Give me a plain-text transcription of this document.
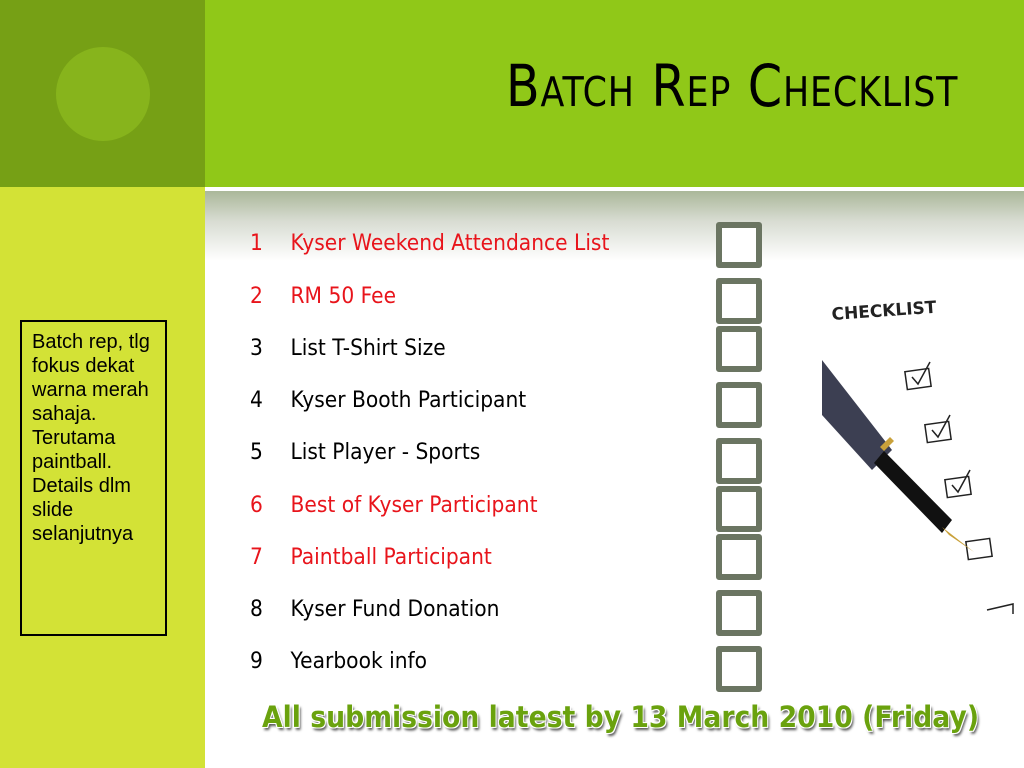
Batch Rep Checklist
Batch rep, tlg fokus dekat warna merah sahaja. Terutama paintball. Details dlm slide selanjutnya
1 Kyser Weekend Attendance List
2 RM 50 Fee
3 List T-Shirt Size
4 Kyser Booth Participant
5 List Player - Sports
6 Best of Kyser Participant
7 Paintball Participant
8 Kyser Fund Donation
9 Yearbook info
CHECKLIST
All submission latest by 13 March 2010 (Friday)
